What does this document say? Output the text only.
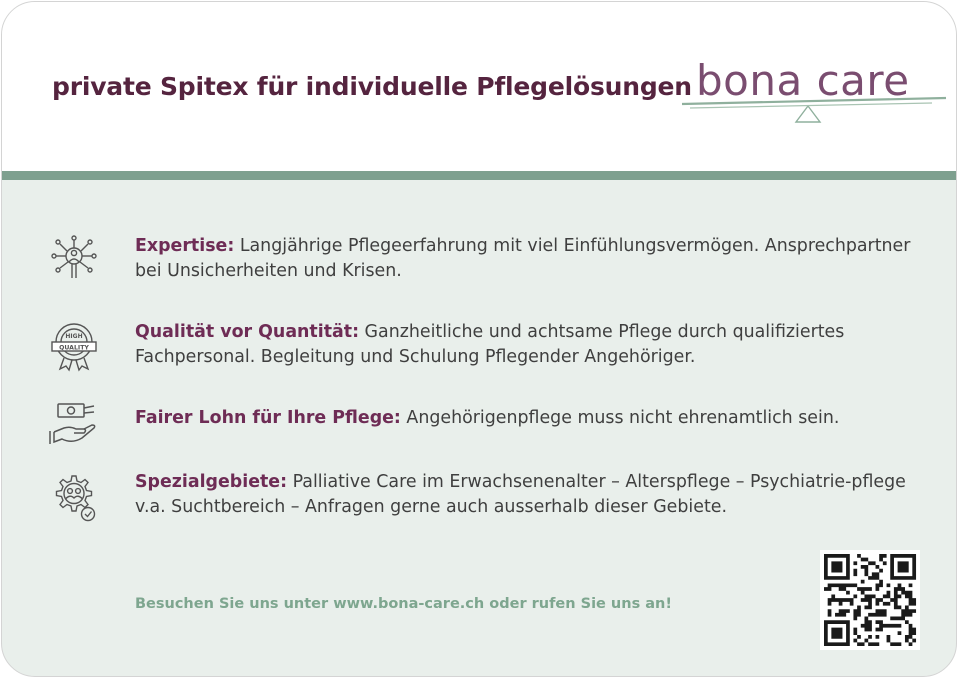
private Spitex für individuelle Pflegelösungen bona care
Expertise: Langjährige Pflegeerfahrung mit viel Einfühlungsvermögen. Ansprechpartner bei Unsicherheiten und Krisen.
HIGH
QUALITY
Qualität vor Quantität: Ganzheitliche und achtsame Pflege durch qualifiziertes Fachpersonal. Begleitung und Schulung Pflegender Angehöriger.
Fairer Lohn für Ihre Pflege: Angehörigenpflege muss nicht ehrenamtlich sein.
Spezialgebiete: Palliative Care im Erwachsenenalter – Alterspflege – Psychiatrie-pflege v.a. Suchtbereich – Anfragen gerne auch ausserhalb dieser Gebiete.
Besuchen Sie uns unter www.bona-care.ch oder rufen Sie uns an!
